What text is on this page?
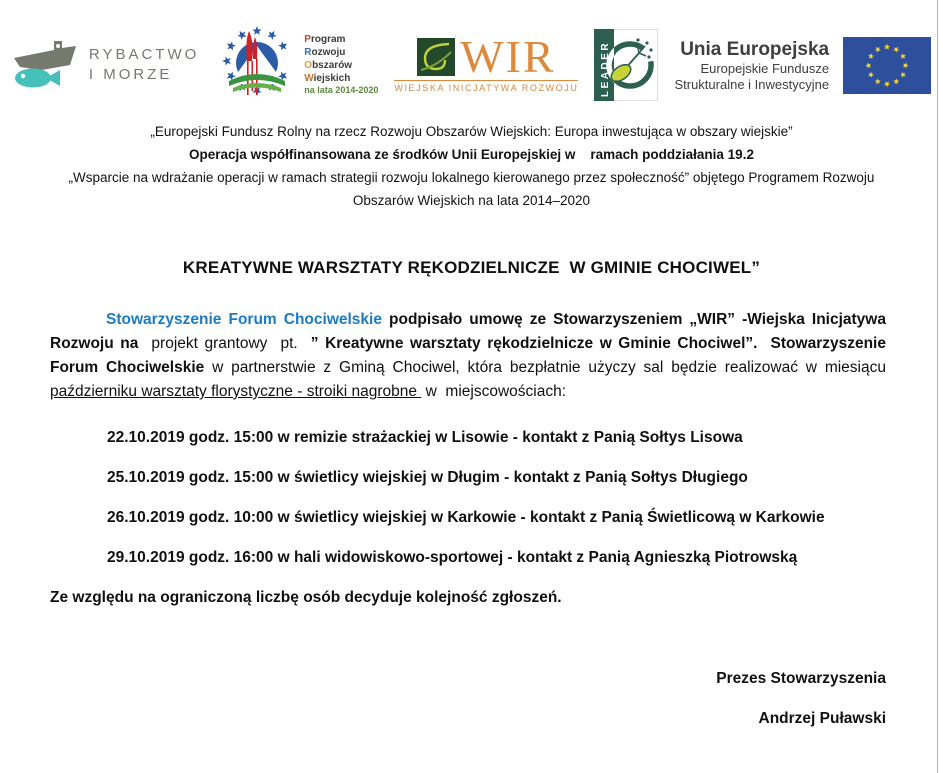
RYBACTWO
I MORZE
Program
Rozwoju
Obszarów
Wiejskich
na lata 2014-2020
WIR
WIEJSKA INICJATYWA ROZWOJU LEADER	Unia Europejska
Europejskie Fundusze
Strukturalne i Inwestycyjne
„Europejski Fundusz Rolny na rzecz Rozwoju Obszarów Wiejskich: Europa inwestująca w obszary wiejskie”
Operacja współfinansowana ze środków Unii Europejskiej w    ramach poddziałania 19.2
„Wsparcie na wdrażanie operacji w ramach strategii rozwoju lokalnego kierowanego przez społeczność” objętego Programem Rozwoju Obszarów Wiejskich na lata 2014–2020
KREATYWNE WARSZTATY RĘKODZIELNICZE  W GMINIE CHOCIWEL”

Stowarzyszenie Forum Chociwelskie podpisało umowę ze Stowarzyszeniem „WIR” -Wiejska Inicjatywa Rozwoju na  projekt grantowy  pt.  ” Kreatywne warsztaty rękodzielnicze w Gminie Chociwel”.  Stowarzyszenie Forum Chociwelskie w partnerstwie z Gminą Chociwel, która bezpłatnie użyczy sal będzie realizować w miesiącu październiku warsztaty florystyczne - stroiki nagrobne  w  miejscowościach:

22.10.2019 godz. 15:00 w remizie strażackiej w Lisowie - kontakt z Panią Sołtys Lisowa
25.10.2019 godz. 15:00 w świetlicy wiejskiej w Długim - kontakt z Panią Sołtys Długiego
26.10.2019 godz. 10:00 w świetlicy wiejskiej w Karkowie - kontakt z Panią Świetlicową w Karkowie
29.10.2019 godz. 16:00 w hali widowiskowo-sportowej - kontakt z Panią Agnieszką Piotrowską
Ze względu na ograniczoną liczbę osób decyduje kolejność zgłoszeń.
Prezes Stowarzyszenia
Andrzej Puławski
